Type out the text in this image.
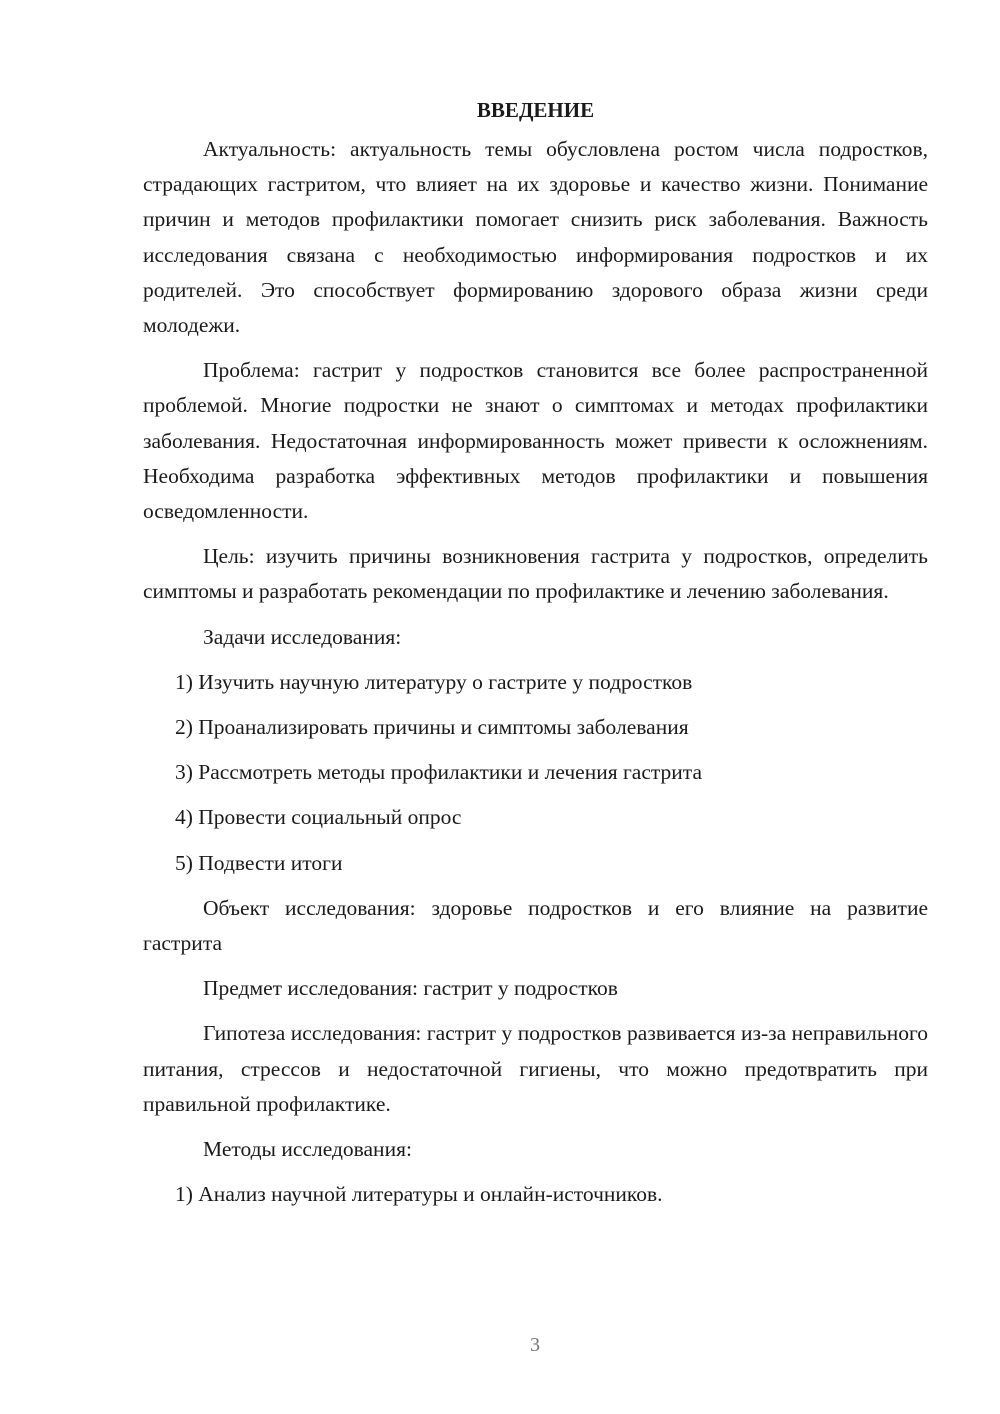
ВВЕДЕНИЕ

Актуальность: актуальность темы обусловлена ростом числа подростков, страдающих гастритом, что влияет на их здоровье и качество жизни. Понимание причин и методов профилактики помогает снизить риск заболевания. Важность исследования связана с необходимостью информирования подростков и их родителей. Это способствует формированию здорового образа жизни среди молодежи.

Проблема: гастрит у подростков становится все более распространенной проблемой. Многие подростки не знают о симптомах и методах профилактики заболевания. Недостаточная информированность может привести к осложнениям. Необходима разработка эффективных методов профилактики и повышения осведомленности.

Цель: изучить причины возникновения гастрита у подростков, определить симптомы и разработать рекомендации по профилактике и лечению заболевания.

Задачи исследования:

1) Изучить научную литературу о гастрите у подростков

2) Проанализировать причины и симптомы заболевания

3) Рассмотреть методы профилактики и лечения гастрита

4) Провести социальный опрос

5) Подвести итоги

Объект исследования: здоровье подростков и его влияние на развитие гастрита

Предмет исследования: гастрит у подростков

Гипотеза исследования: гастрит у подростков развивается из-за неправильного питания, стрессов и недостаточной гигиены, что можно предотвратить при правильной профилактике.

Методы исследования:

1) Анализ научной литературы и онлайн-источников.

3
